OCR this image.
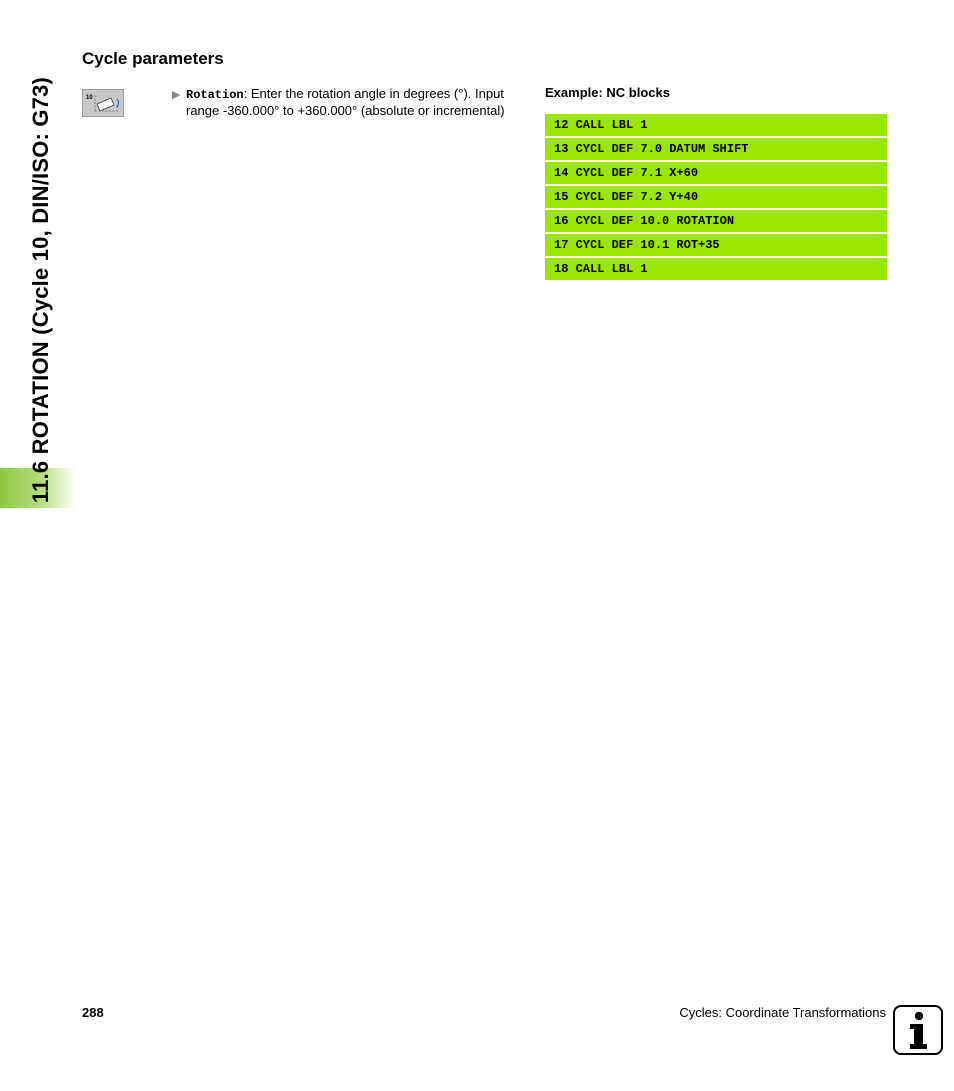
11.6 ROTATION (Cycle 10, DIN/ISO: G73)
Cycle parameters
10	▶ Rotation: Enter the rotation angle in degrees (°). Input range -360.000° to +360.000° (absolute or incremental)
Example: NC blocks
12 CALL LBL 1
13 CYCL DEF 7.0 DATUM SHIFT
14 CYCL DEF 7.1 X+60
15 CYCL DEF 7.2 Y+40
16 CYCL DEF 10.0 ROTATION
17 CYCL DEF 10.1 ROT+35
18 CALL LBL 1
288	Cycles: Coordinate Transformations
